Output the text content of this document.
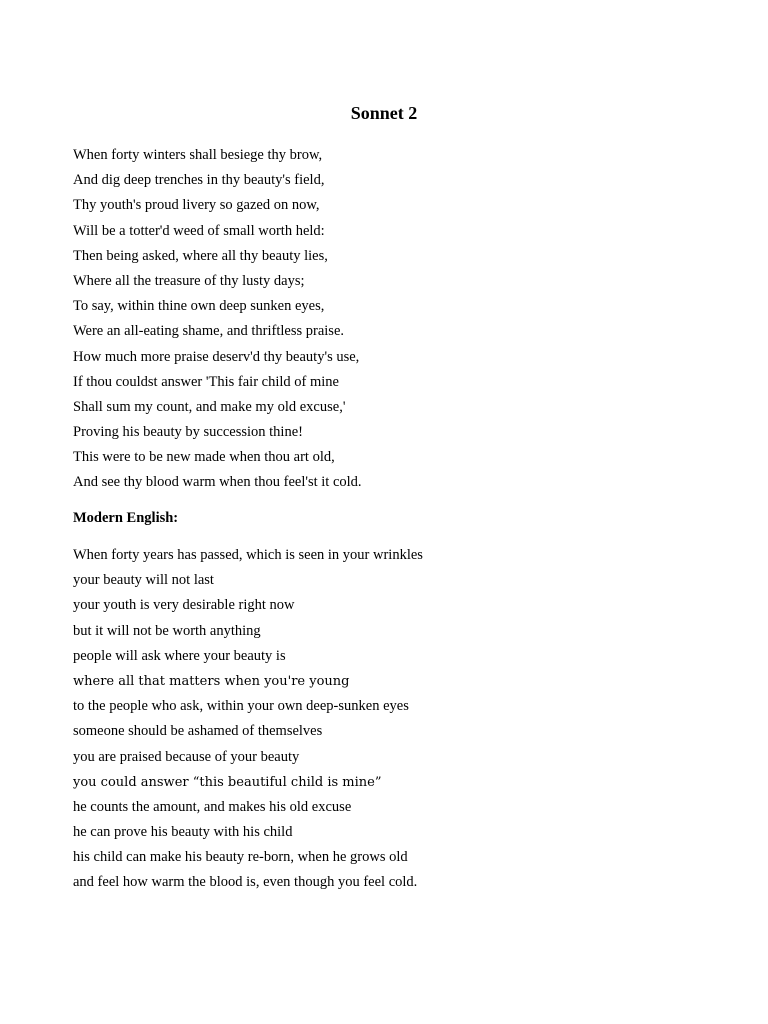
Sonnet 2
When forty winters shall besiege thy brow,
And dig deep trenches in thy beauty's field,
Thy youth's proud livery so gazed on now,
Will be a totter'd weed of small worth held:
Then being asked, where all thy beauty lies,
Where all the treasure of thy lusty days;
To say, within thine own deep sunken eyes,
Were an all-eating shame, and thriftless praise.
How much more praise deserv'd thy beauty's use,
If thou couldst answer 'This fair child of mine
Shall sum my count, and make my old excuse,'
Proving his beauty by succession thine!
This were to be new made when thou art old,
And see thy blood warm when thou feel'st it cold.
Modern English:
When forty years has passed, which is seen in your wrinkles
your beauty will not last
your youth is very desirable right now
but it will not be worth anything
people will ask where your beauty is
where all that matters when you're young
to the people who ask, within your own deep-sunken eyes
someone should be ashamed of themselves
you are praised because of your beauty
you could answer “this beautiful child is mine”
he counts the amount, and makes his old excuse
he can prove his beauty with his child
his child can make his beauty re-born, when he grows old
and feel how warm the blood is, even though you feel cold.
